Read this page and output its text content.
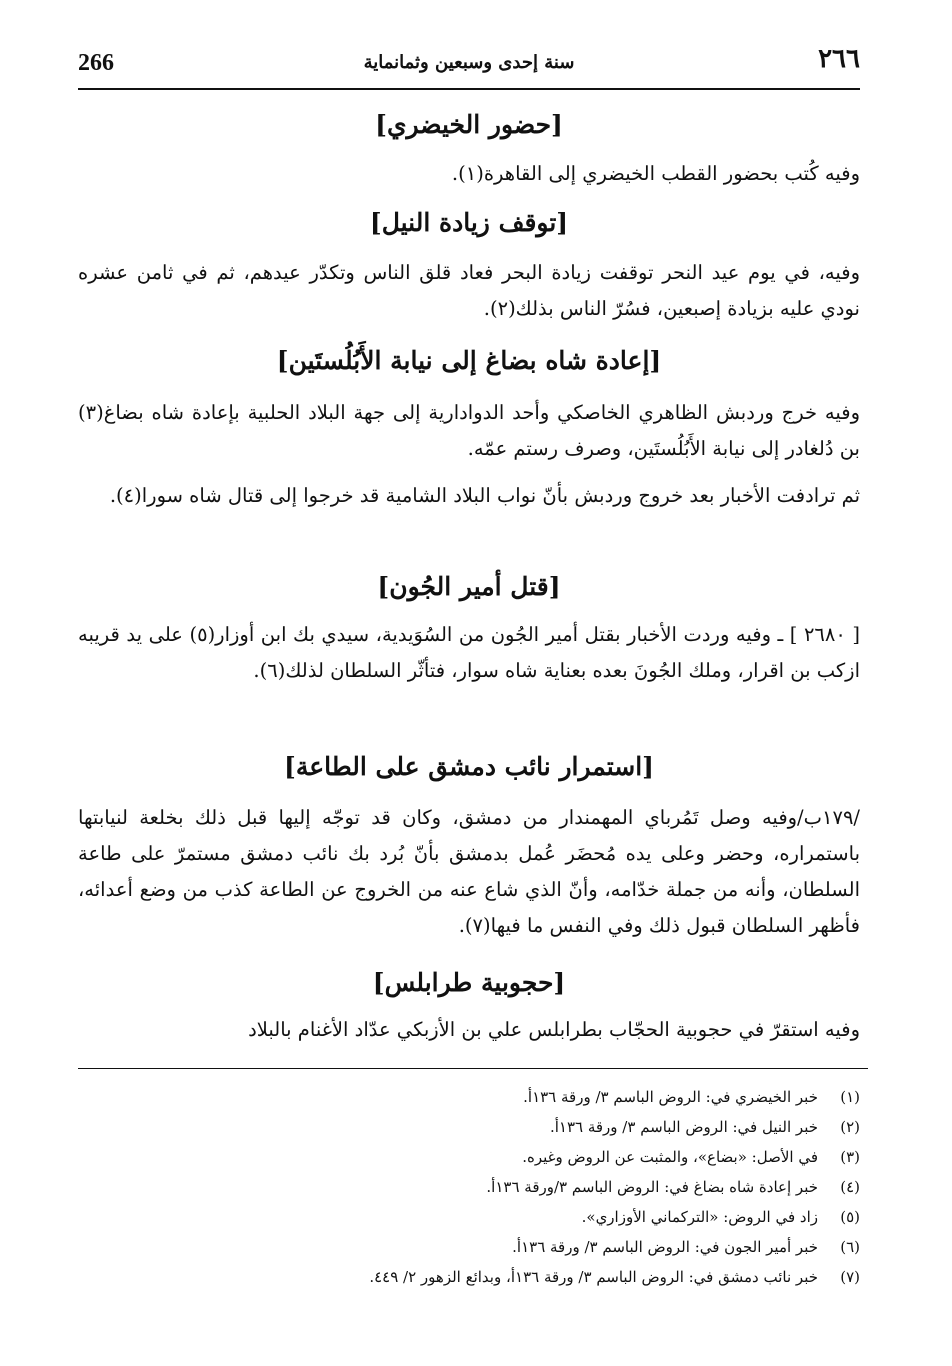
266	سنة إحدى وسبعين وثمانماية	٢٦٦
[حضور الخيضري]
وفيه كُتب بحضور القطب الخيضري إلى القاهرة(١).
[توقف زيادة النيل]
وفيه، في يوم عيد النحر توقفت زيادة البحر فعاد قلق الناس وتكدّر عيدهم، ثم في ثامن عشره نودي عليه بزيادة إصبعين، فسُرّ الناس بذلك(٢).
[إعادة شاه بضاغ إلى نيابة الأَبُلُستَين]
وفيه خرج وردبش الظاهري الخاصكي وأحد الدوادارية إلى جهة البلاد الحلبية بإعادة شاه بضاغ(٣) بن دُلغادر إلى نيابة الأَبُلُستَين، وصرف رستم عمّه.
ثم ترادفت الأخبار بعد خروج وردبش بأنّ نواب البلاد الشامية قد خرجوا إلى قتال شاه سورا(٤).
[قتل أمير الجُون]
[ ٢٦٨٠ ] ـ وفيه وردت الأخبار بقتل أمير الجُون من السُوَيدية، سيدي بك ابن أوزار(٥) على يد قريبه ازكب بن اقرار، وملك الجُونَ بعده بعناية شاه سوار، فتأثّر السلطان لذلك(٦).
[استمرار نائب دمشق على الطاعة]
/١٧٩ب/وفيه وصل تَمُرباي المهمندار من دمشق، وكان قد توجّه إليها قبل ذلك بخلعة لنيابتها باستمراره، وحضر وعلى يده مُحضَر عُمل بدمشق بأنّ بُرد بك نائب دمشق مستمرّ على طاعة السلطان، وأنه من جملة خدّامه، وأنّ الذي شاع عنه من الخروج عن الطاعة كذب من وضع أعدائه، فأظهر السلطان قبول ذلك وفي النفس ما فيها(٧).
[حجوبية طرابلس]
وفيه استقرّ في حجوبية الحجّاب بطرابلس علي بن الأزبكي عدّاد الأغنام بالبلاد
(١)
خبر الخيضري في: الروض الباسم ٣/ ورقة ١٣٦أ.
(٢)
خبر النيل في: الروض الباسم ٣/ ورقة ١٣٦أ.
(٣)
في الأصل: «بضاع»، والمثبت عن الروض وغيره.
(٤)
خبر إعادة شاه بضاغ في: الروض الباسم ٣/ورقة ١٣٦أ.
(٥)
زاد في الروض: «التركماني الأوزاري».
(٦)
خبر أمير الجون في: الروض الباسم ٣/ ورقة ١٣٦أ.
(٧)
خبر نائب دمشق في: الروض الباسم ٣/ ورقة ١٣٦أ، وبدائع الزهور ٢/ ٤٤٩.
